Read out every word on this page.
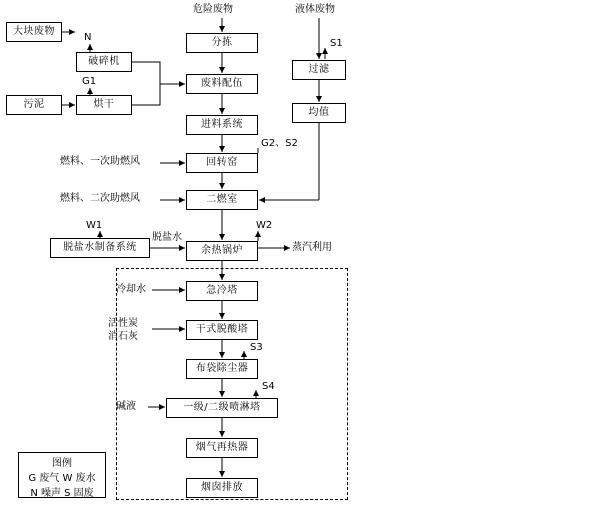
危险废物	液体废物
大块废物
分拣
过滤
破碎机
废料配伍
污泥	烘干
均值
进料系统
回转窑
二燃室
脱盐水制备系统	余热锅炉
急冷塔
干式脱酸塔
布袋除尘器
一级/二级喷淋塔
烟气再热器
烟囱排放
N
G1
S1
G2、S2
燃料、一次助燃风
燃料、二次助燃风
W1	W2
脱盐水
蒸汽利用
冷却水
活性炭
消石灰
S3
S4
碱液
图例
G 废气 W 废水
N 噪声 S 固废
